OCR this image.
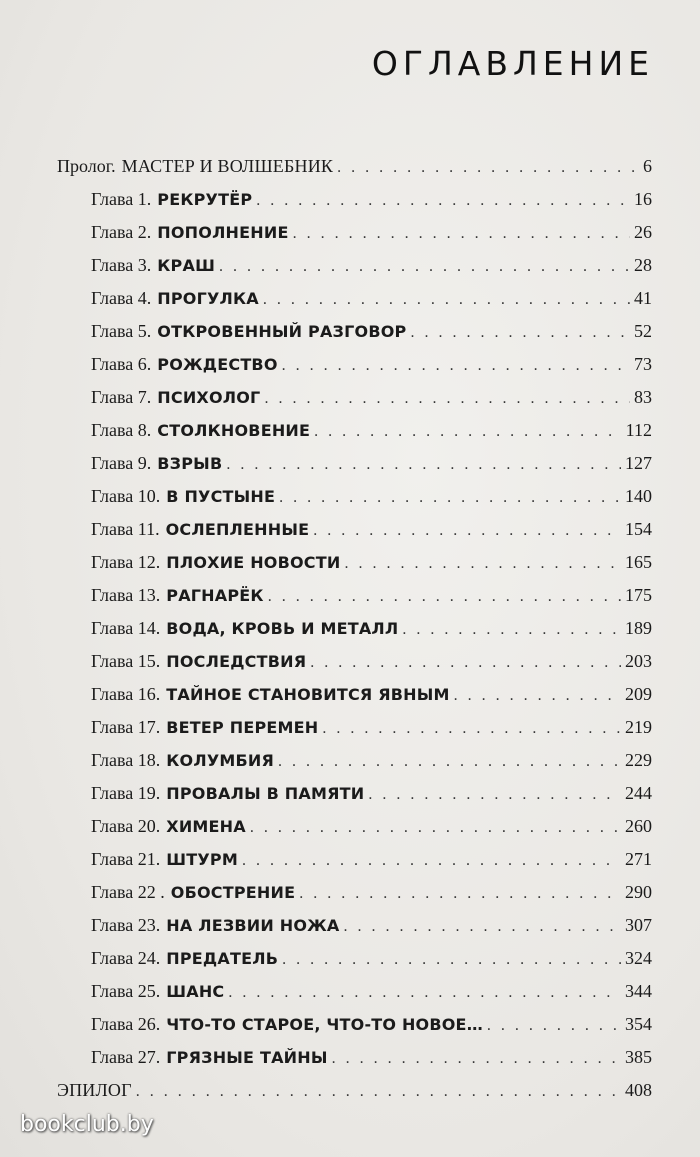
ОГЛАВЛЕНИЕ
Пролог. МАСТЕР И ВОЛШЕБНИК . . .	6
Глава 1. РЕКРУТЁР . . .	16
Глава 2. ПОПОЛНЕНИЕ . . .	26
Глава 3. КРАШ . . .	28
Глава 4. ПРОГУЛКА . . .	41
Глава 5. ОТКРОВЕННЫЙ РАЗГОВОР . . .	52
Глава 6. РОЖДЕСТВО . . .	73
Глава 7. ПСИХОЛОГ . . .	83
Глава 8. СТОЛКНОВЕНИЕ . . .	112
Глава 9. ВЗРЫВ . . .	127
Глава 10. В ПУСТЫНЕ . . .	140
Глава 11. ОСЛЕПЛЕННЫЕ . . .	154
Глава 12. ПЛОХИЕ НОВОСТИ . . .	165
Глава 13. РАГНАРЁК . . .	175
Глава 14. ВОДА, КРОВЬ И МЕТАЛЛ . . .	189
Глава 15. ПОСЛЕДСТВИЯ . . .	203
Глава 16. ТАЙНОЕ СТАНОВИТСЯ ЯВНЫМ . . .	209
Глава 17. ВЕТЕР ПЕРЕМЕН . . .	219
Глава 18. КОЛУМБИЯ . . .	229
Глава 19. ПРОВАЛЫ В ПАМЯТИ . . .	244
Глава 20. ХИМЕНА . . .	260
Глава 21. ШТУРМ . . .	271
Глава 22 . ОБОСТРЕНИЕ . . .	290
Глава 23. НА ЛЕЗВИИ НОЖА . . .	307
Глава 24. ПРЕДАТЕЛЬ . . .	324
Глава 25. ШАНС . . .	344
Глава 26. ЧТО-ТО СТАРОЕ, ЧТО-ТО НОВОЕ… . . .	354
Глава 27. ГРЯЗНЫЕ ТАЙНЫ . . .	385
ЭПИЛОГ . . .	408
bookclub.by
